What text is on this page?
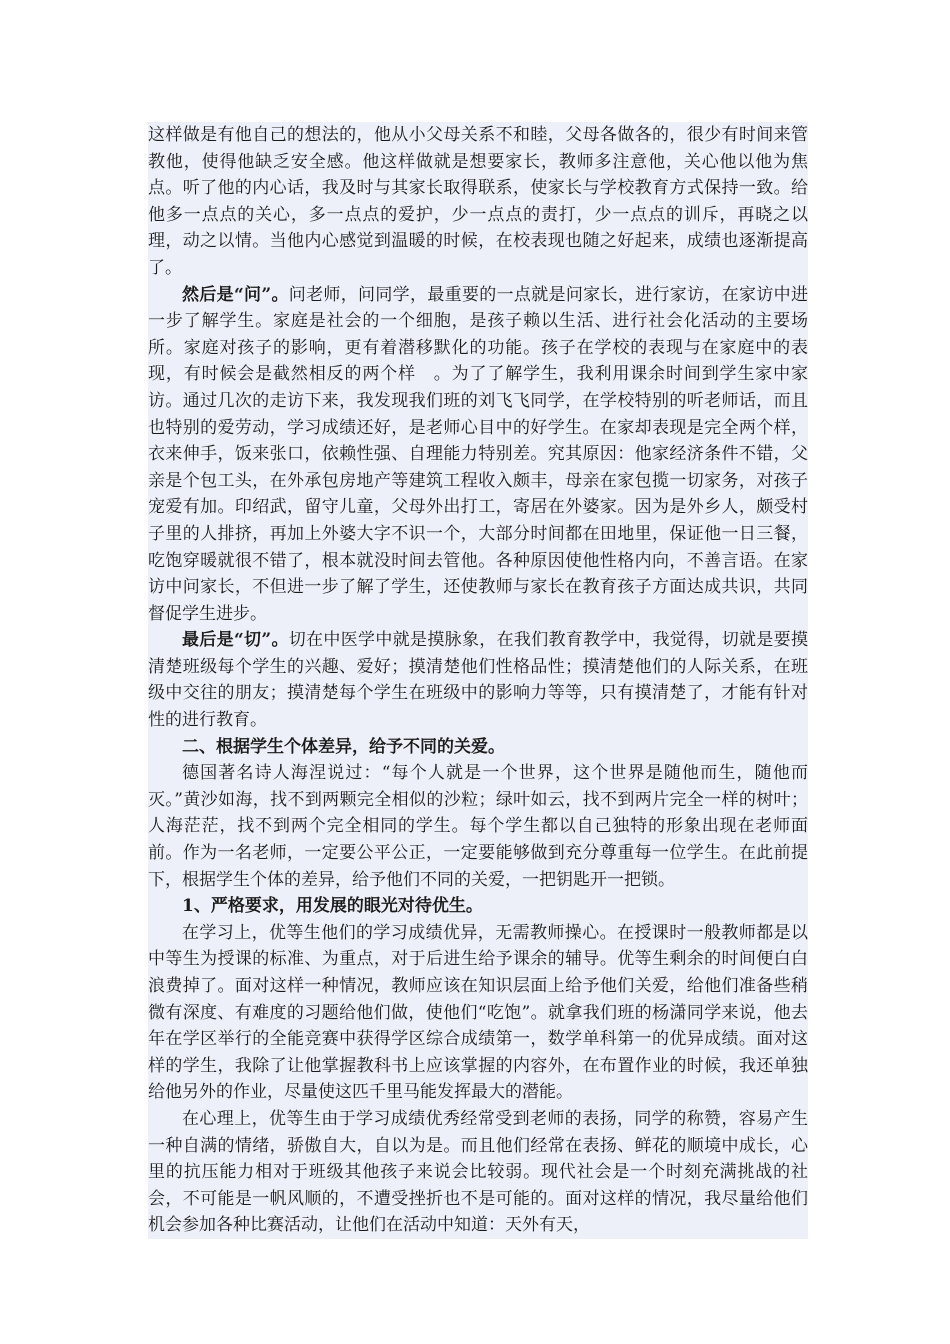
这样做是有他自己的想法的，他从小父母关系不和睦，父母各做各的，很少有时间来管教他，使得他缺乏安全感。他这样做就是想要家长，教师多注意他，关心他以他为焦点。听了他的内心话，我及时与其家长取得联系，使家长与学校教育方式保持一致。给他多一点点的关心，多一点点的爱护，少一点点的责打，少一点点的训斥，再晓之以理，动之以情。当他内心感觉到温暖的时候，在校表现也随之好起来，成绩也逐渐提高了。

然后是“问”。问老师，问同学，最重要的一点就是问家长，进行家访，在家访中进一步了解学生。家庭是社会的一个细胞，是孩子赖以生活、进行社会化活动的主要场所。家庭对孩子的影响，更有着潜移默化的功能。孩子在学校的表现与在家庭中的表现，有时候会是截然相反的两个样　。为了了解学生，我利用课余时间到学生家中家访。通过几次的走访下来，我发现我们班的刘飞飞同学，在学校特别的听老师话，而且也特别的爱劳动，学习成绩还好，是老师心目中的好学生。在家却表现是完全两个样，衣来伸手，饭来张口，依赖性强、自理能力特别差。究其原因：他家经济条件不错，父亲是个包工头，在外承包房地产等建筑工程收入颇丰，母亲在家包揽一切家务，对孩子宠爱有加。印绍武，留守儿童，父母外出打工，寄居在外婆家。因为是外乡人，颇受村子里的人排挤，再加上外婆大字不识一个，大部分时间都在田地里，保证他一日三餐，吃饱穿暖就很不错了，根本就没时间去管他。各种原因使他性格内向，不善言语。在家访中问家长，不但进一步了解了学生，还使教师与家长在教育孩子方面达成共识，共同督促学生进步。

最后是“切”。切在中医学中就是摸脉象，在我们教育教学中，我觉得，切就是要摸清楚班级每个学生的兴趣、爱好；摸清楚他们性格品性；摸清楚他们的人际关系，在班级中交往的朋友；摸清楚每个学生在班级中的影响力等等，只有摸清楚了，才能有针对性的进行教育。

二、根据学生个体差异，给予不同的关爱。

德国著名诗人海涅说过：“每个人就是一个世界，这个世界是随他而生，随他而灭。”黄沙如海，找不到两颗完全相似的沙粒；绿叶如云，找不到两片完全一样的树叶；人海茫茫，找不到两个完全相同的学生。每个学生都以自己独特的形象出现在老师面前。作为一名老师，一定要公平公正，一定要能够做到充分尊重每一位学生。在此前提下，根据学生个体的差异，给予他们不同的关爱，一把钥匙开一把锁。

1、严格要求，用发展的眼光对待优生。

在学习上，优等生他们的学习成绩优异，无需教师操心。在授课时一般教师都是以中等生为授课的标准、为重点，对于后进生给予课余的辅导。优等生剩余的时间便白白浪费掉了。面对这样一种情况，教师应该在知识层面上给予他们关爱，给他们准备些稍微有深度、有难度的习题给他们做，使他们“吃饱”。就拿我们班的杨潇同学来说，他去年在学区举行的全能竞赛中获得学区综合成绩第一，数学单科第一的优异成绩。面对这样的学生，我除了让他掌握教科书上应该掌握的内容外，在布置作业的时候，我还单独给他另外的作业，尽量使这匹千里马能发挥最大的潜能。

在心理上，优等生由于学习成绩优秀经常受到老师的表扬，同学的称赞，容易产生一种自满的情绪，骄傲自大，自以为是。而且他们经常在表扬、鲜花的顺境中成长，心里的抗压能力相对于班级其他孩子来说会比较弱。现代社会是一个时刻充满挑战的社会，不可能是一帆风顺的，不遭受挫折也不是可能的。面对这样的情况，我尽量给他们机会参加各种比赛活动，让他们在活动中知道：天外有天，
